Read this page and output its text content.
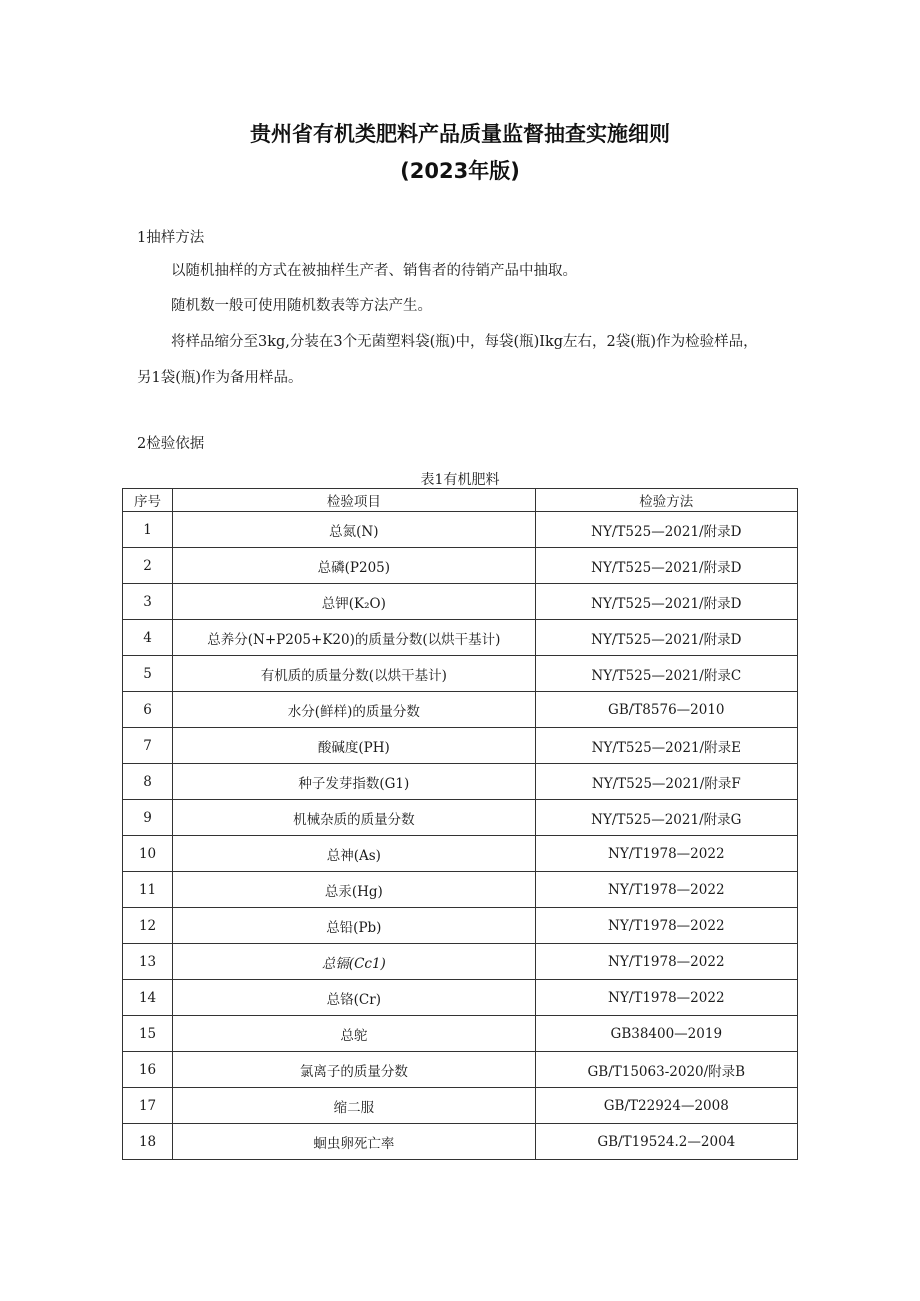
贵州省有机类肥料产品质量监督抽查实施细则
(2023年版)
1抽样方法
以随机抽样的方式在被抽样生产者、销售者的待销产品中抽取。
随机数一般可使用随机数表等方法产生。
将样品缩分至3kg,分装在3个无菌塑料袋(瓶)中，每袋(瓶)Ikg左右，2袋(瓶)作为检验样品，
另1袋(瓶)作为备用样品。
2检验依据
表1有机肥料
序号	检验项目	检验方法
1	总氮(N)	NY/T525—2021/附录D
2	总磷(P205)	NY/T525—2021/附录D
3	总钾(K₂O)	NY/T525—2021/附录D
4	总养分(N+P205+K20)的质量分数(以烘干基计)	NY/T525—2021/附录D
5	有机质的质量分数(以烘干基计)	NY/T525—2021/附录C
6	水分(鲜样)的质量分数	GB/T8576—2010
7	酸碱度(PH)	NY/T525—2021/附录E
8	种子发芽指数(G1)	NY/T525—2021/附录F
9	机械杂质的质量分数	NY/T525—2021/附录G
10	总神(As)	NY/T1978—2022
11	总汞(Hg)	NY/T1978—2022
12	总铅(Pb)	NY/T1978—2022
13	总镉(Cc1)	NY/T1978—2022
14	总铬(Cr)	NY/T1978—2022
15	总鸵	GB38400—2019
16	氯离子的质量分数	GB/T15063-2020/附录B
17	缩二服	GB/T22924—2008
18	蛔虫卵死亡率	GB/T19524.2—2004
